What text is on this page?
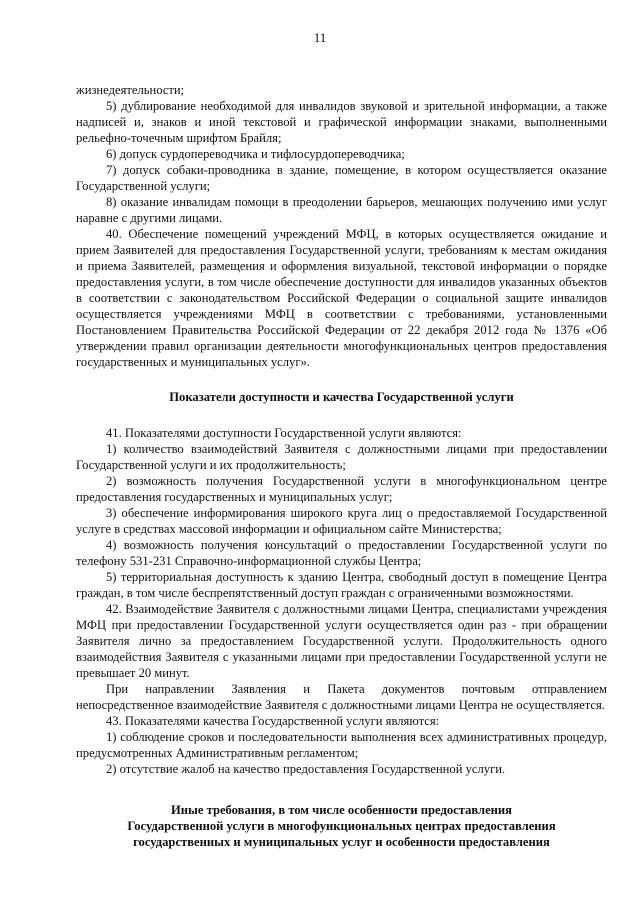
11

жизнедеятельности;

5) дублирование необходимой для инвалидов звуковой и зрительной информации, а также надписей и, знаков и иной текстовой и графической информации знаками, выполненными рельефно-точечным шрифтом Брайля;

6) допуск сурдопереводчика и тифлосурдопереводчика;

7) допуск собаки-проводника в здание, помещение, в котором осуществляется оказание Государственной услуги;

8) оказание инвалидам помощи в преодолении барьеров, мешающих получению ими услуг наравне с другими лицами.

40. Обеспечение помещений учреждений МФЦ, в которых осуществляется ожидание и прием Заявителей для предоставления Государственной услуги, требованиям к местам ожидания и приема Заявителей, размещения и оформления визуальной, текстовой информации о порядке предоставления услуги, в том числе обеспечение доступности для инвалидов указанных объектов в соответствии с законодательством Российской Федерации о социальной защите инвалидов осуществляется учреждениями МФЦ в соответствии с требованиями, установленными Постановлением Правительства Российской Федерации от 22 декабря 2012 года № 1376 «Об утверждении правил организации деятельности многофункциональных центров предоставления государственных и муниципальных услуг».

Показатели доступности и качества Государственной услуги

41. Показателями доступности Государственной услуги являются:

1) количество взаимодействий Заявителя с должностными лицами при предоставлении Государственной услуги и их продолжительность;

2) возможность получения Государственной услуги в многофункциональном центре предоставления государственных и муниципальных услуг;

3) обеспечение информирования широкого круга лиц о предоставляемой Государственной услуге в средствах массовой информации и официальном сайте Министерства;

4) возможность получения консультаций о предоставлении Государственной услуги по телефону 531-231 Справочно-информационной службы Центра;

5) территориальная доступность к зданию Центра, свободный доступ в помещение Центра граждан, в том числе беспрепятственный доступ граждан с ограниченными возможностями.

42. Взаимодействие Заявителя с должностными лицами Центра, специалистами учреждения МФЦ при предоставлении Государственной услуги осуществляется один раз - при обращении Заявителя лично за предоставлением Государственной услуги. Продолжительность одного взаимодействия Заявителя с указанными лицами при предоставлении Государственной услуги не превышает 20 минут.

При направлении Заявления и Пакета документов почтовым отправлением непосредственное взаимодействие Заявителя с должностными лицами Центра не осуществляется.

43. Показателями качества Государственной услуги являются:

1) соблюдение сроков и последовательности выполнения всех административных процедур, предусмотренных Административным регламентом;

2) отсутствие жалоб на качество предоставления Государственной услуги.

Иные требования, в том числе особенности предоставления
Государственной услуги в многофункциональных центрах предоставления
государственных и муниципальных услуг и особенности предоставления
